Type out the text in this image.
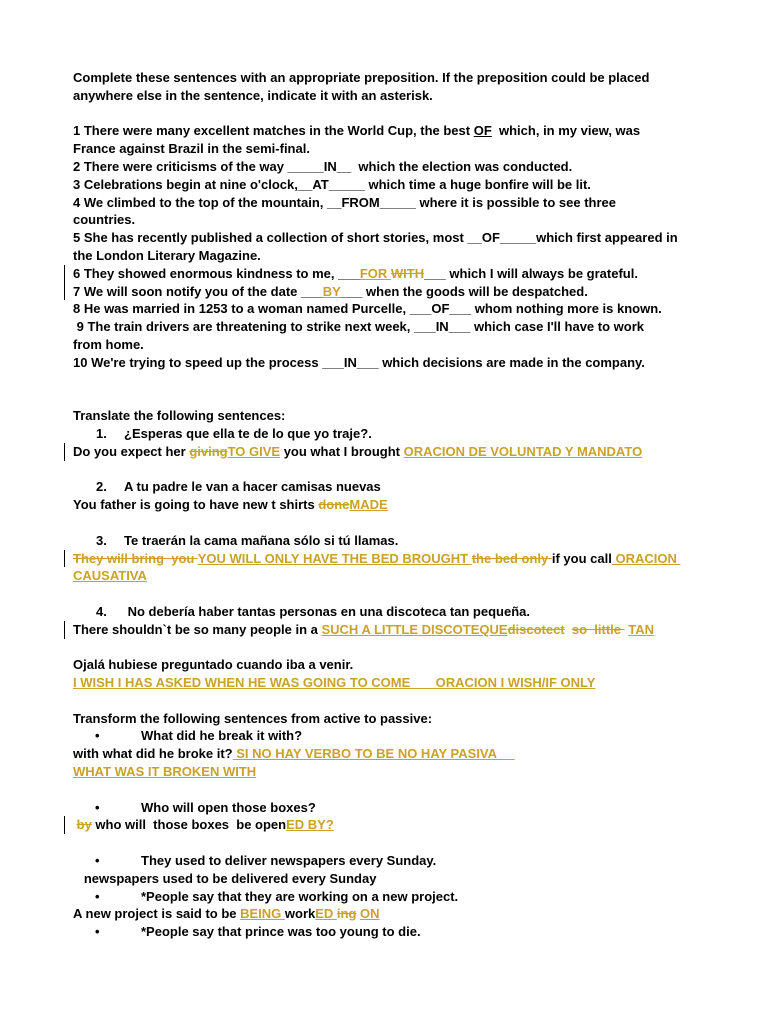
Complete these sentences with an appropriate preposition. If the preposition could be placed
anywhere else in the sentence, indicate it with an asterisk.
1 There were many excellent matches in the World Cup, the best OF  which, in my view, was
France against Brazil in the semi-final.
2 There were criticisms of the way _____IN__  which the election was conducted.
3 Celebrations begin at nine o'clock,__AT_____ which time a huge bonfire will be lit.
4 We climbed to the top of the mountain, __FROM_____ where it is possible to see three
countries.
5 She has recently published a collection of short stories, most __OF_____which first appeared in
the London Literary Magazine.
6 They showed enormous kindness to me, ___FOR WITH___ which I will always be grateful.
7 We will soon notify you of the date ___BY___ when the goods will be despatched.
8 He was married in 1253 to a woman named Purcelle, ___OF___ whom nothing more is known.
9 The train drivers are threatening to strike next week, ___IN___ which case I'll have to work
from home.
10 We're trying to speed up the process ___IN___ which decisions are made in the company.
Translate the following sentences:
1. ¿Esperas que ella te de lo que yo traje?.
Do you expect her givingTO GIVE you what I brought ORACION DE VOLUNTAD Y MANDATO
2. A tu padre le van a hacer camisas nuevas
You father is going to have new t shirts doneMADE
3. Te traerán la cama mañana sólo si tú llamas.
They will bring  you YOU WILL ONLY HAVE THE BED BROUGHT the bed only if you call ORACION
CAUSATIVA
4. No debería haber tantas personas en una discoteca tan pequeña.
There shouldn`t be so many people in a SUCH A LITTLE DISCOTEQUEdiscotect so  little  TAN
Ojalá hubiese preguntado cuando iba a venir.
I WISH I HAS ASKED WHEN HE WAS GOING TO COME       ORACION I WISH/IF ONLY
Transform the following sentences from active to passive:
•	What did he break it with?
with what did he broke it? SI NO HAY VERBO TO BE NO HAY PASIVA
WHAT WAS IT BROKEN WITH
•	Who will open those boxes?
by who will  those boxes  be openED BY?
•	They used to deliver newspapers every Sunday.
newspapers used to be delivered every Sunday
•	*People say that they are working on a new project.
A new project is said to be BEING workED ing ON
•	*People say that prince was too young to die.
